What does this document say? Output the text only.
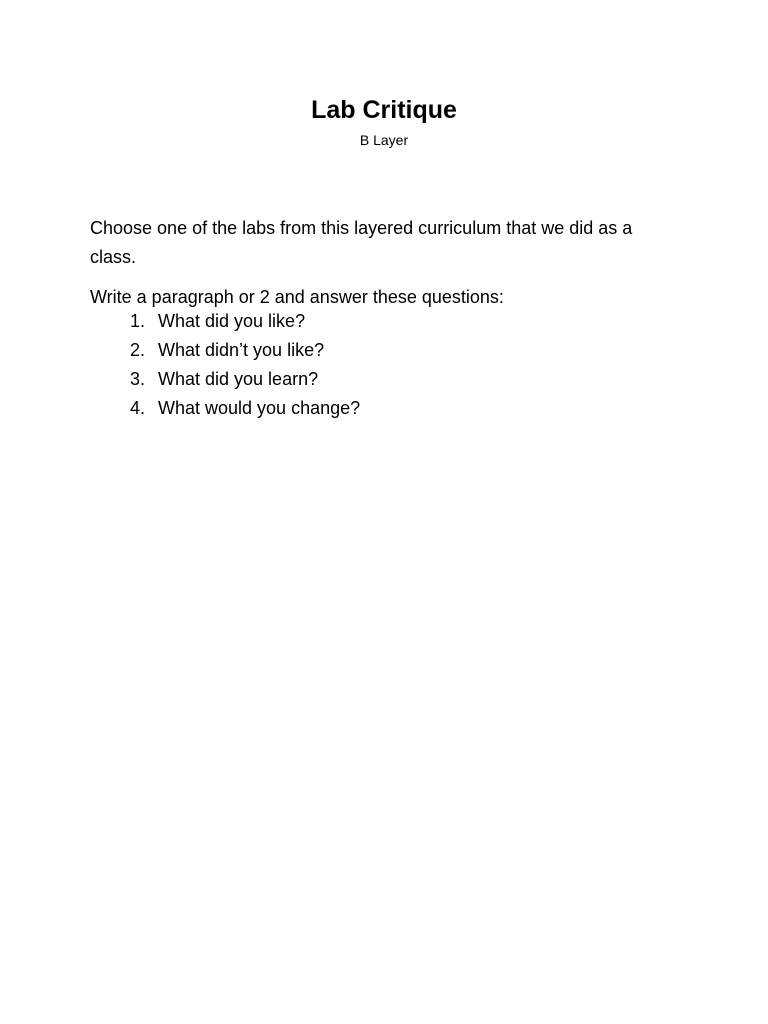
Lab Critique
B Layer

Choose one of the labs from this layered curriculum that we did as a class.

Write a paragraph or 2 and answer these questions:

1. What did you like?
2. What didn’t you like?
3. What did you learn?
4. What would you change?
